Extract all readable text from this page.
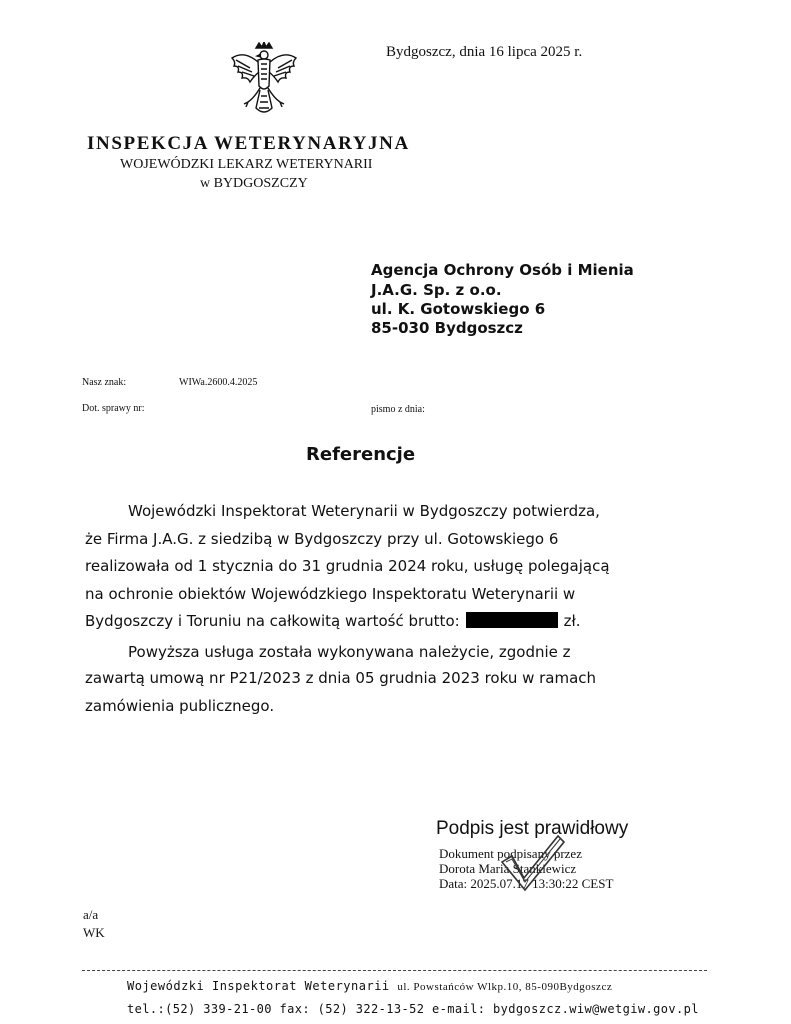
Bydgoszcz, dnia 16 lipca 2025 r.
INSPEKCJA WETERYNARYJNA
WOJEWÓDZKI LEKARZ WETERYNARII
w BYDGOSZCZY
Agencja Ochrony Osób i Mienia
J.A.G. Sp. z o.o.
ul. K. Gotowskiego 6
85-030 Bydgoszcz
Nasz znak:	WIWa.2600.4.2025
Dot. sprawy nr:	pismo z dnia:
Referencje
Wojewódzki Inspektorat Weterynarii w Bydgoszczy potwierdza,
że Firma J.A.G. z siedzibą w Bydgoszczy przy ul. Gotowskiego 6
realizowała od 1 stycznia do 31 grudnia 2024 roku, usługę polegającą
na ochronie obiektów Wojewódzkiego Inspektoratu Weterynarii w
Bydgoszczy i Toruniu na całkowitą wartość brutto:	zł.
Powyższa usługa została wykonywana należycie, zgodnie z
zawartą umową nr P21/2023 z dnia 05 grudnia 2023 roku w ramach
zamówienia publicznego.
Podpis jest prawidłowy
Dokument podpisany przez
Dorota Maria Stankiewicz
Data: 2025.07.17 13:30:22 CEST
a/a
WK
Wojewódzki Inspektorat Weterynarii ul. Powstańców Wlkp.10, 85-090Bydgoszcz
tel.:(52) 339-21-00 fax: (52) 322-13-52 e-mail: bydgoszcz.wiw@wetgiw.gov.pl
